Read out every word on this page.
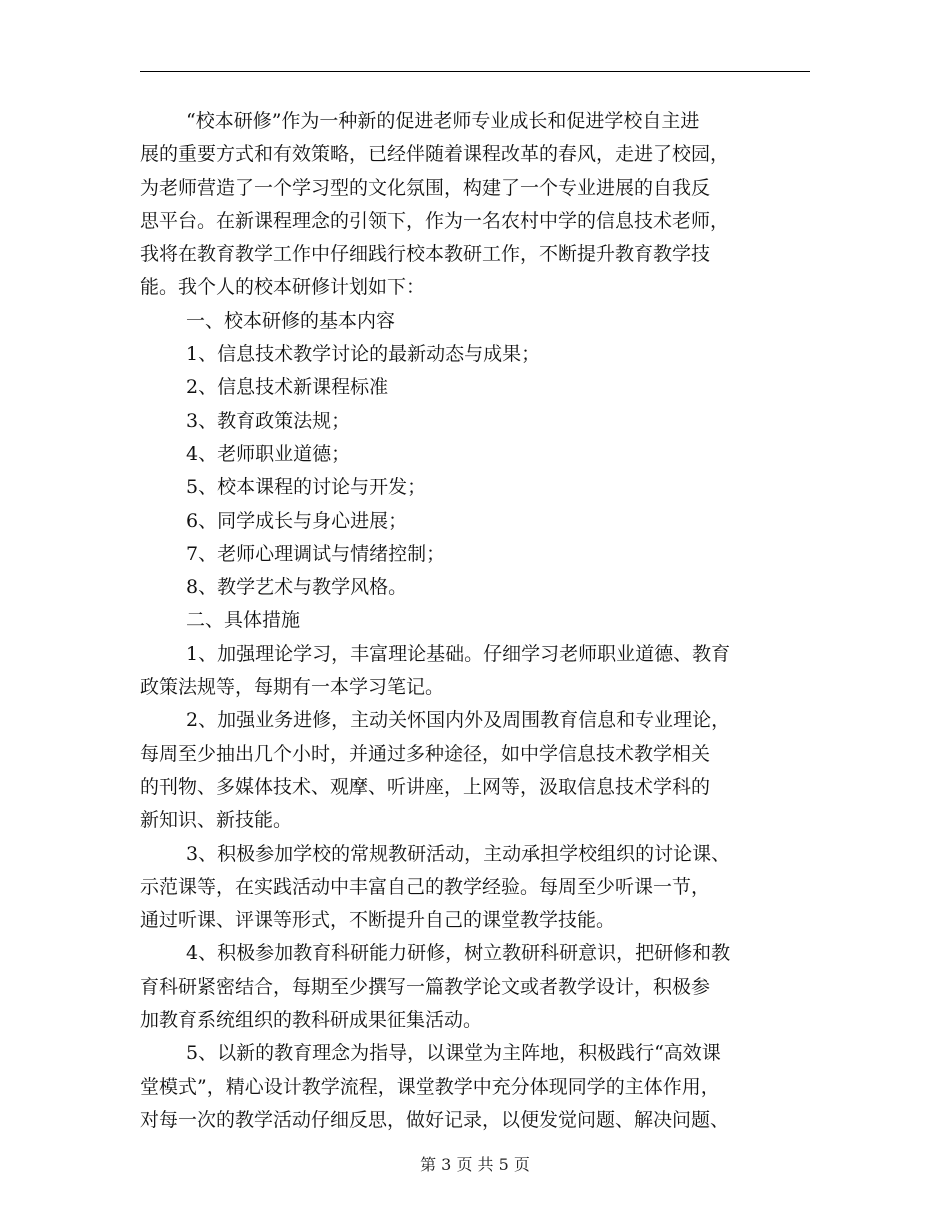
“校本研修”作为一种新的促进老师专业成长和促进学校自主进
展的重要方式和有效策略，已经伴随着课程改革的春风，走进了校园，
为老师营造了一个学习型的文化氛围，构建了一个专业进展的自我反
思平台。在新课程理念的引领下，作为一名农村中学的信息技术老师，
我将在教育教学工作中仔细践行校本教研工作，不断提升教育教学技
能。我个人的校本研修计划如下：
一、校本研修的基本内容
1、信息技术教学讨论的最新动态与成果；
2、信息技术新课程标准
3、教育政策法规；
4、老师职业道德；
5、校本课程的讨论与开发；
6、同学成长与身心进展；
7、老师心理调试与情绪控制；
8、教学艺术与教学风格。
二、具体措施
1、加强理论学习，丰富理论基础。仔细学习老师职业道德、教育
政策法规等，每期有一本学习笔记。
2、加强业务进修，主动关怀国内外及周围教育信息和专业理论，
每周至少抽出几个小时，并通过多种途径，如中学信息技术教学相关
的刊物、多媒体技术、观摩、听讲座，上网等，汲取信息技术学科的
新知识、新技能。
3、积极参加学校的常规教研活动，主动承担学校组织的讨论课、
示范课等，在实践活动中丰富自己的教学经验。每周至少听课一节，
通过听课、评课等形式，不断提升自己的课堂教学技能。
4、积极参加教育科研能力研修，树立教研科研意识，把研修和教
育科研紧密结合，每期至少撰写一篇教学论文或者教学设计，积极参
加教育系统组织的教科研成果征集活动。
5、以新的教育理念为指导，以课堂为主阵地，积极践行“高效课
堂模式”，精心设计教学流程，课堂教学中充分体现同学的主体作用，
对每一次的教学活动仔细反思，做好记录，以便发觉问题、解决问题、
第 3 页 共 5 页
